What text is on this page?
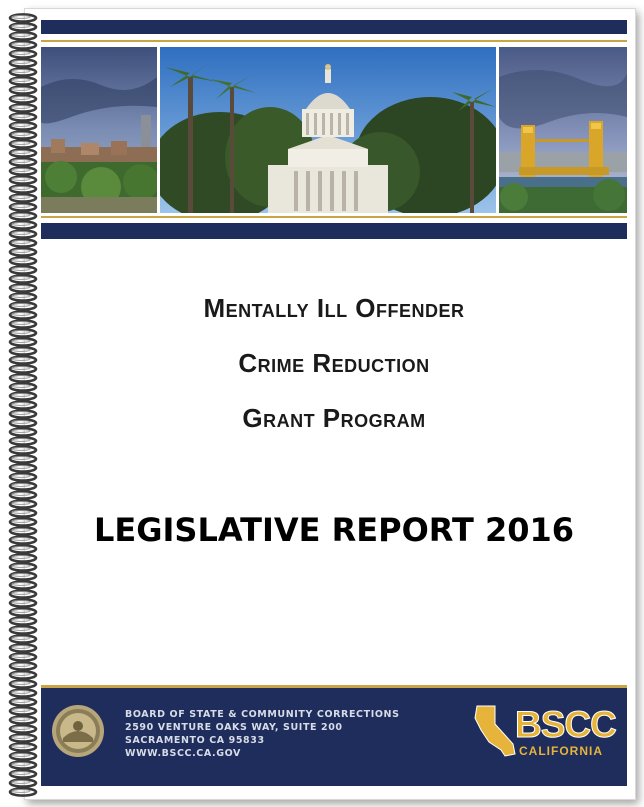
Mentally Ill Offender
Crime Reduction
Grant Program
LEGISLATIVE REPORT 2016
BOARD OF STATE & COMMUNITY CORRECTIONS
2590 VENTURE OAKS WAY, SUITE 200
SACRAMENTO CA 95833
WWW.BSCC.CA.GOV
BSCC
CALIFORNIA
